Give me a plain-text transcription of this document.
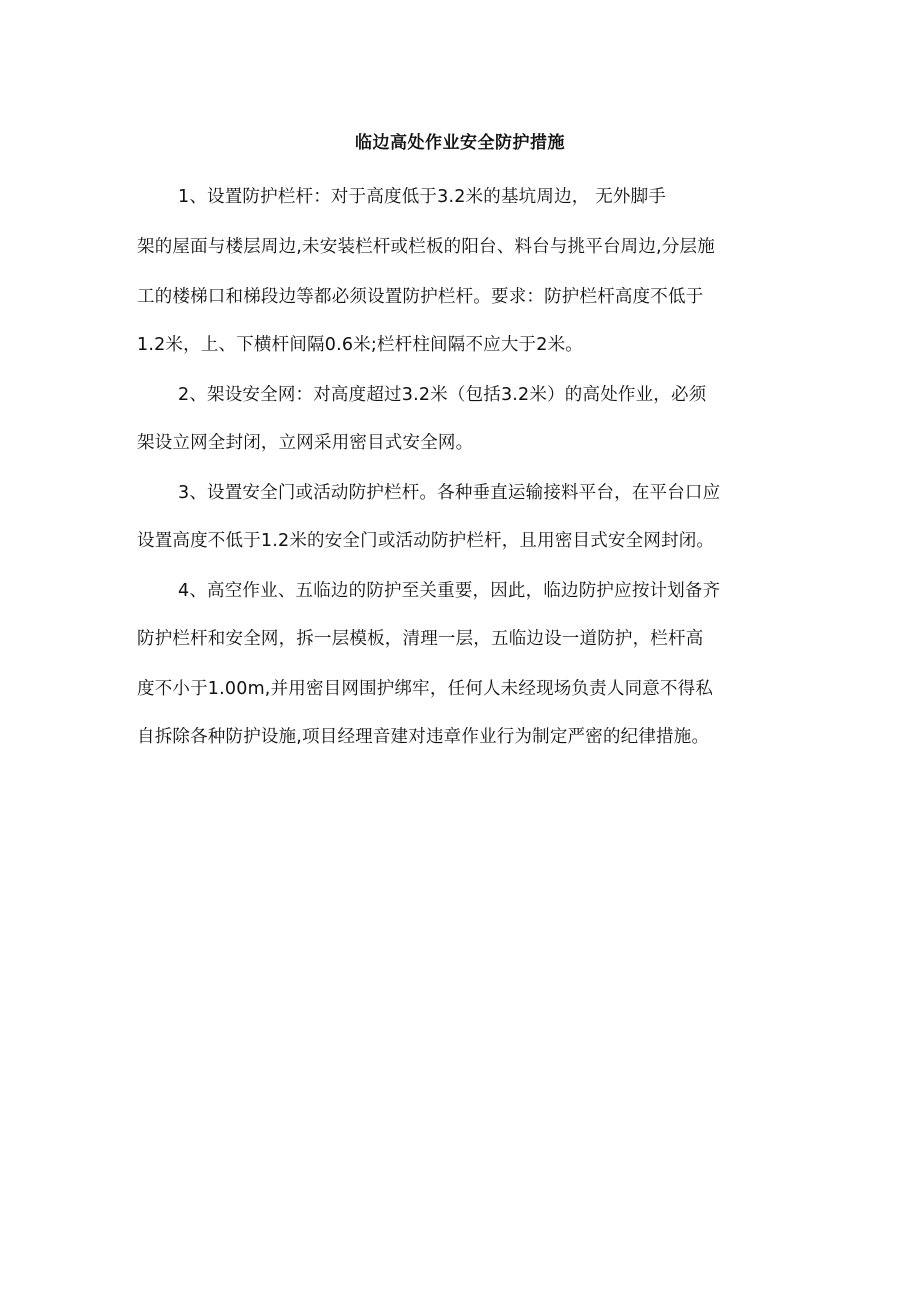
临边高处作业安全防护措施
1、设置防护栏杆：对于高度低于3.2米的基坑周边， 无外脚手
架的屋面与楼层周边,未安装栏杆或栏板的阳台、料台与挑平台周边,分层施
工的楼梯口和梯段边等都必须设置防护栏杆。要求：防护栏杆高度不低于
1.2米，上、下横杆间隔0.6米;栏杆柱间隔不应大于2米。
2、架设安全网：对高度超过3.2米（包括3.2米）的高处作业，必须
架设立网全封闭，立网采用密目式安全网。
3、设置安全门或活动防护栏杆。各种垂直运输接料平台，在平台口应
设置高度不低于1.2米的安全门或活动防护栏杆，且用密目式安全网封闭。
4、高空作业、五临边的防护至关重要，因此，临边防护应按计划备齐
防护栏杆和安全网，拆一层模板，清理一层，五临边设一道防护，栏杆高
度不小于1.00m,并用密目网围护绑牢，任何人未经现场负责人同意不得私
自拆除各种防护设施,项目经理音建对违章作业行为制定严密的纪律措施。
